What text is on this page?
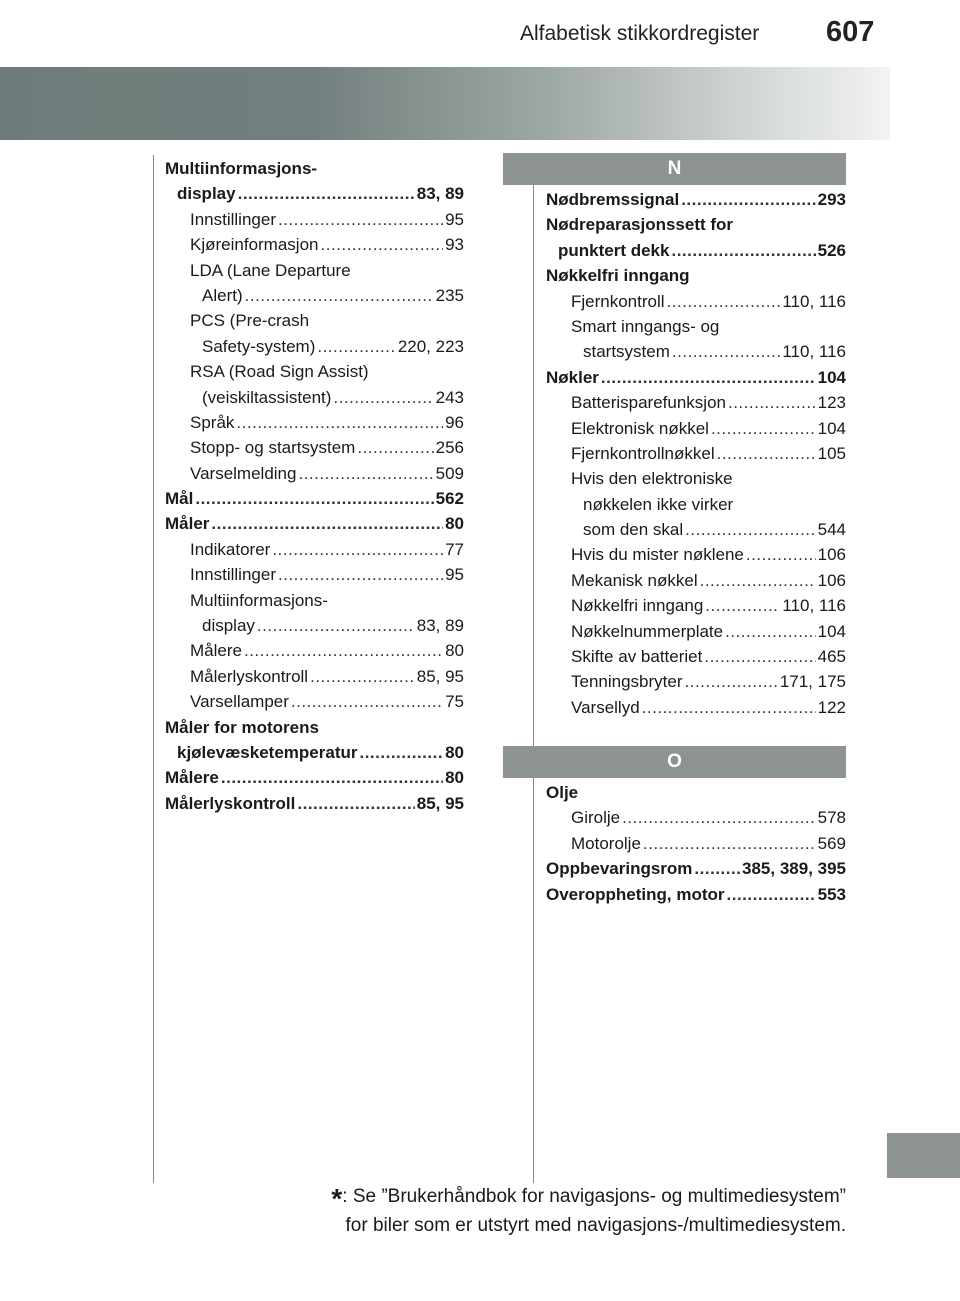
Alfabetisk stikkordregister 607
Multiinformasjons-
display .....	83, 89
Innstillinger .....	95
Kjøreinformasjon .....	93
LDA (Lane Departure
Alert) .....	235
PCS (Pre-crash
Safety-system) .....	220, 223
RSA (Road Sign Assist)
(veiskiltassistent) .....	243
Språk .....	96
Stopp- og startsystem .....	256
Varselmelding .....	509
Mål .....	562
Måler .....	80
Indikatorer .....	77
Innstillinger .....	95
Multiinformasjons-
display .....	83, 89
Målere .....	80
Målerlyskontroll .....	85, 95
Varsellamper .....	75
Måler for motorens
kjølevæsketemperatur .....	80
Målere .....	80
Målerlyskontroll .....	85, 95
N
Nødbremssignal .....	293
Nødreparasjonssett for
punktert dekk .....	526
Nøkkelfri inngang
Fjernkontroll .....	110, 116
Smart inngangs- og
startsystem .....	110, 116
Nøkler .....	104
Batterisparefunksjon .....	123
Elektronisk nøkkel .....	104
Fjernkontrollnøkkel .....	105
Hvis den elektroniske
nøkkelen ikke virker
som den skal .....	544
Hvis du mister nøklene .....	106
Mekanisk nøkkel .....	106
Nøkkelfri inngang .....	110, 116
Nøkkelnummerplate .....	104
Skifte av batteriet .....	465
Tenningsbryter .....	171, 175
Varsellyd .....	122
O
Olje
Girolje .....	578
Motorolje .....	569
Oppbevaringsrom .....	385, 389, 395
Overoppheting, motor .....	553
*: Se ”Brukerhåndbok for navigasjons- og multimediesystem”
for biler som er utstyrt med navigasjons-/multimediesystem.
